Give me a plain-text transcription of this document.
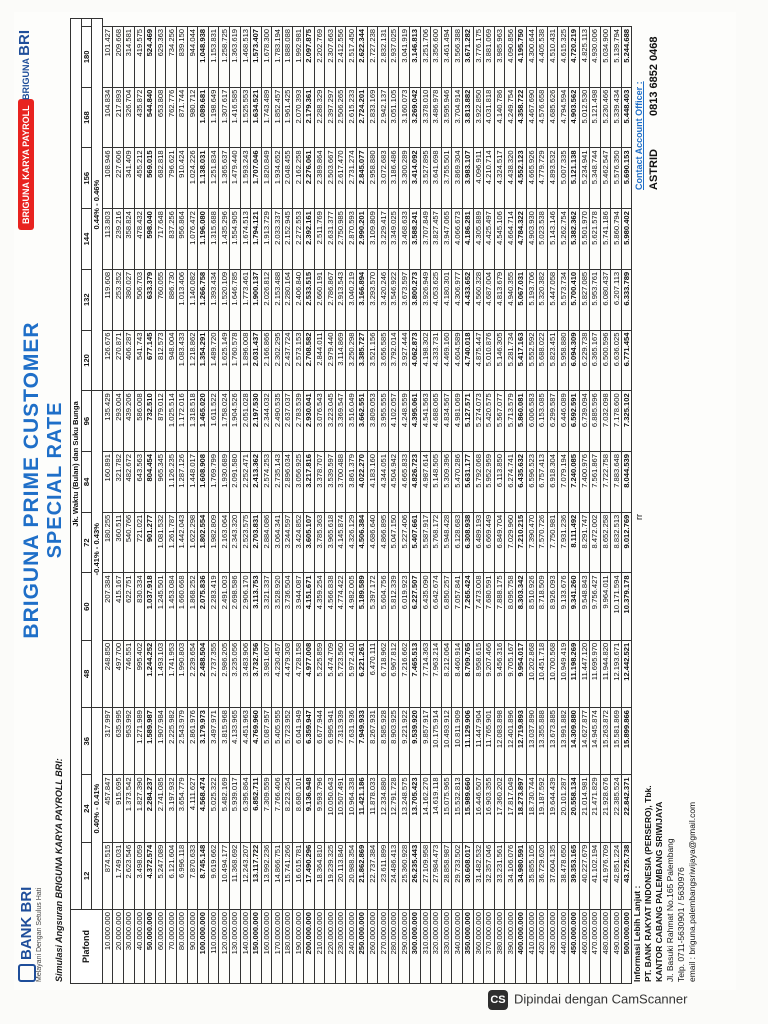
BANK BRI Melayani Dengan Setulus Hati Simulasi Angsuran BRIGUNA KARYA PAYROLL BRI:
BRIGUNA PRIME CUSTOMER SPECIAL RATE
BRIGUNA KARYA PAYROLL
BRIGUNA BRI
Plafond	Jk. Waktu (Bulan) dan Suku Bunga														
	12	24	36	48	60	72	84	96	120	132	144	156	168	180	
	0.40% - 0.41%			-0.41% - 0.43%					0.44% - 0.46%						
10.000.000	874.515	457.847	317.997	248.850	207.384	180.255	160.891	135.429	126.676	119.608	113.803	108.946	104.834	101.427	
20.000.000	1.749.031	915.695	635.995	497.700	415.167	360.511	321.782	293.004	270.871	253.352	239.216	227.606	217.893	209.668	
30.000.000	2.623.546	1.373.542	953.992	746.551	622.751	540.766	482.672	439.206	406.287	380.027	358.824	341.409	326.704	314.581	
40.000.000	3.498.059	1.827.390	1.271.989	995.402	830.334	721.021	643.563	586.008	541.743	506.703	478.432	455.212	435.872	419.575	
50.000.000	4.372.574	2.284.237	1.589.987	1.244.252	1.037.918	901.277	804.454	732.510	677.145	633.379	598.040	569.015	544.840	524.469	
60.000.000	5.247.089	2.741.085	1.907.984	1.493.103	1.245.501	1.081.532	965.345	879.012	812.573	760.055	717.648	682.818	653.808	629.363	
70.000.000	6.121.604	3.197.932	2.225.982	1.741.953	1.453.084	1.261.787	1.126.235	1.025.514	948.004	886.730	837.256	796.621	762.776	734.256	
80.000.000	6.996.118	3.654.779	2.543.979	1.990.803	1.660.668	1.442.043	1.287.126	1.172.016	1.083.433	1.013.406	956.864	910.424	871.744	839.150	
90.000.000	7.870.633	4.111.627	2.861.976	2.239.654	1.868.252	1.622.298	1.448.017	1.318.518	1.218.862	1.140.082	1.076.472	1.024.226	980.712	944.044	
100.000.000	8.745.148	4.568.474	3.179.973	2.488.504	2.075.836	1.802.554	1.608.908	1.465.020	1.354.291	1.266.758	1.196.080	1.138.031	1.089.681	1.048.938	
110.000.000	9.619.662	5.025.322	3.497.971	2.737.355	2.283.419	1.982.809	1.769.799	1.611.522	1.489.720	1.393.434	1.315.688	1.251.834	1.198.649	1.153.831	
120.000.000	10.494.177	5.482.169	3.815.968	2.986.205	2.491.003	2.163.064	1.930.689	1.758.024	1.625.149	1.520.109	1.435.296	1.365.637	1.307.617	1.258.725	
130.000.000	11.368.692	5.939.017	4.133.965	3.235.056	2.698.586	2.343.320	2.091.580	1.904.526	1.760.578	1.646.785	1.554.905	1.479.440	1.416.585	1.363.619	
140.000.000	12.243.207	6.395.864	4.451.963	3.483.906	2.906.170	2.523.575	2.252.471	2.051.028	1.896.008	1.773.461	1.674.513	1.593.243	1.525.553	1.468.513	
150.000.000	13.117.722	6.852.711	4.769.960	3.732.756	3.113.753	2.703.831	2.413.362	2.197.530	2.031.437	1.900.137	1.794.121	1.707.046	1.634.521	1.573.407	
160.000.000	13.992.236	7.309.559	5.087.957	3.981.607	3.321.337	2.884.086	2.574.253	2.344.032	2.166.866	2.026.812	1.913.729	1.820.849	1.743.489	1.678.300	
170.000.000	14.866.751	7.766.406	5.405.955	4.230.457	3.528.920	3.064.341	2.735.143	2.490.535	2.302.295	2.153.488	2.033.337	1.934.652	1.852.457	1.783.194	
180.000.000	15.741.266	8.223.254	5.723.952	4.479.308	3.736.504	3.244.597	2.896.034	2.637.037	2.437.724	2.280.164	2.152.945	2.048.455	1.961.425	1.888.088	
190.000.000	16.615.781	8.680.101	6.041.949	4.728.158	3.944.087	3.424.852	3.056.925	2.783.539	2.573.153	2.406.840	2.272.553	2.162.258	2.070.393	1.992.981	
200.000.000	17.490.296	9.136.948	6.359.947	4.977.008	4.151.671	3.605.107	3.217.816	2.930.041	2.708.582	2.533.515	2.392.161	2.276.061	2.179.361	2.097.875	
210.000.000	18.364.810	9.593.796	6.677.944	5.225.859	4.359.254	3.785.363	3.378.707	3.076.543	2.844.011	2.660.191	2.511.769	2.389.864	2.288.329	2.202.769	
220.000.000	19.239.325	10.050.643	6.995.941	5.474.709	4.566.838	3.965.618	3.539.597	3.223.045	2.979.440	2.786.867	2.631.377	2.503.667	2.397.297	2.307.663	
230.000.000	20.113.840	10.507.491	7.313.939	5.723.560	4.774.422	4.145.874	3.700.488	3.369.547	3.114.869	2.913.543	2.750.985	2.617.470	2.506.265	2.412.556	
240.000.000	20.988.354	10.964.338	7.631.936	5.972.410	4.982.005	4.326.129	3.861.379	3.516.049	3.250.298	3.040.219	2.870.593	2.731.274	2.615.233	2.517.450	
250.000.000	21.862.869	11.421.186	7.949.933	6.221.261	5.189.589	4.506.384	4.022.270	3.662.551	3.385.727	3.166.894	2.990.201	2.845.077	2.724.201	2.622.344	
260.000.000	22.737.384	11.878.033	8.267.931	6.470.111	5.397.172	4.686.640	4.183.160	3.809.053	3.521.156	3.293.570	3.109.809	2.958.880	2.833.169	2.727.238	
270.000.000	23.611.899	12.334.880	8.585.928	6.718.962	5.604.756	4.866.895	4.344.051	3.955.555	3.656.585	3.420.246	3.229.417	3.072.683	2.942.137	2.832.131	
280.000.000	24.486.413	12.791.728	8.903.925	6.967.812	5.812.339	5.047.150	4.504.942	4.102.057	3.792.014	3.546.922	3.349.025	3.186.486	3.051.105	2.937.025	
290.000.000	25.360.928	13.248.575	9.221.922	7.216.662	6.019.923	5.227.406	4.665.833	4.248.559	3.927.444	3.673.597	3.468.633	3.300.289	3.160.073	3.041.919	
300.000.000	26.235.443	13.705.423	9.539.920	7.465.513	6.227.507	5.407.661	4.826.723	4.395.061	4.062.873	3.800.273	3.588.241	3.414.092	3.269.042	3.146.813	
310.000.000	27.109.958	14.162.270	9.857.917	7.714.363	6.435.090	5.587.917	4.987.614	4.541.563	4.198.302	3.926.949	3.707.849	3.527.895	3.378.010	3.251.706	
320.000.000	27.984.473	14.619.118	10.175.914	7.963.214	6.642.674	5.768.172	5.148.505	4.688.065	4.333.731	4.053.625	3.827.457	3.641.698	3.486.978	3.356.600	
330.000.000	28.858.987	15.075.965	10.493.912	8.212.064	6.850.257	5.948.428	5.309.396	4.834.567	4.469.160	4.180.301	3.947.065	3.755.501	3.595.946	3.461.494	
340.000.000	29.733.502	15.532.813	10.811.909	8.460.914	7.057.841	6.128.683	5.470.286	4.981.069	4.604.589	4.306.977	4.066.673	3.869.304	3.704.914	3.566.388	
350.000.000	30.608.017	15.989.660	11.129.906	8.709.765	7.265.424	6.308.938	5.631.177	5.127.571	4.740.018	4.433.652	4.186.281	3.983.107	3.813.882	3.671.282	
360.000.000	31.482.532	16.446.507	11.447.904	8.958.615	7.473.008	6.489.193	5.792.068	5.274.073	4.875.447	4.560.328	4.305.889	4.096.911	3.922.850	3.776.175	
370.000.000	32.357.046	16.903.355	11.765.901	9.207.466	7.680.591	6.669.449	5.952.959	5.420.575	5.010.876	4.687.004	4.425.497	4.210.714	4.031.818	3.881.069	
380.000.000	33.231.561	17.360.202	12.083.898	9.456.316	7.888.175	6.849.704	6.113.850	5.567.077	5.146.305	4.813.679	4.545.106	4.324.517	4.140.786	3.985.963	
390.000.000	34.106.076	17.817.049	12.401.896	9.705.167	8.095.758	7.029.960	6.274.741	5.713.579	5.281.734	4.940.355	4.664.714	4.438.320	4.249.754	4.090.856	
400.000.000	34.980.591	18.273.897	12.719.893	9.954.017	8.303.342	7.210.215	6.435.632	5.860.081	5.417.163	5.067.031	4.784.322	4.552.123	4.358.722	4.195.750	
410.000.000	35.855.105	18.730.744	13.037.890	10.202.868	8.510.926	7.390.470	6.596.523	6.006.583	5.552.592	5.193.706	4.903.930	4.665.926	4.467.690	4.300.644	
420.000.000	36.729.620	19.187.592	13.355.888	10.451.718	8.718.509	7.570.726	6.757.413	6.153.085	5.688.022	5.320.382	5.023.538	4.779.729	4.576.658	4.405.538	
430.000.000	37.604.135	19.644.439	13.673.885	10.700.568	8.926.093	7.750.981	6.918.304	6.299.587	5.823.451	5.447.058	5.143.146	4.893.532	4.685.626	4.510.431	
440.000.000	38.478.650	20.101.287	13.991.882	10.949.419	9.133.676	7.931.236	7.079.194	6.446.089	5.958.880	5.573.734	5.262.754	5.007.335	4.794.594	4.615.325	
450.000.000	39.353.165	20.558.134	14.309.880	11.198.269	9.341.260	8.111.492	7.240.085	6.592.591	6.094.309	5.700.410	5.382.362	5.121.138	4.903.562	4.720.219	
460.000.000	40.227.679	21.014.981	14.627.877	11.447.120	9.548.843	8.291.747	7.400.976	6.739.094	6.229.738	5.827.085	5.501.970	5.234.941	5.012.530	4.825.113	
470.000.000	41.102.194	21.471.829	14.945.874	11.695.970	9.756.427	8.472.002	7.561.867	6.885.596	6.365.167	5.953.761	5.621.578	5.348.744	5.121.498	4.930.006	
480.000.000	41.976.709	21.928.676	15.263.872	11.944.820	9.964.011	8.652.258	7.722.758	7.032.098	6.500.596	6.080.437	5.741.186	5.462.547	5.230.466	5.034.900	
490.000.000	42.851.224	22.385.524	15.581.869	12.193.671	10.171.594	8.832.513	7.883.648	7.178.600	6.636.025	6.207.113	5.860.794	5.576.350	5.339.434	5.139.794	
500.000.000	43.725.738	22.842.371	15.899.866	12.442.521	10.379.178	9.012.769	8.044.539	7.325.102	6.771.454	6.333.789	5.980.402	5.690.153	5.448.403	5.244.688	
Informasi Lebih Lanjut : PT. BANK RAKYAT INDONESIA (PERSERO), Tbk. KANTOR CABANG PALEMBANG SRIWIJAYA Jl. Basuki Rahmat No.165 Palembang Telp. 0711-5630901 / 5630976 email : briguna.palembangsriwijaya@gmail.com
rr
Contact Account Officer : ASTRID 0813 6852 0468
CS Dipindai dengan CamScanner
